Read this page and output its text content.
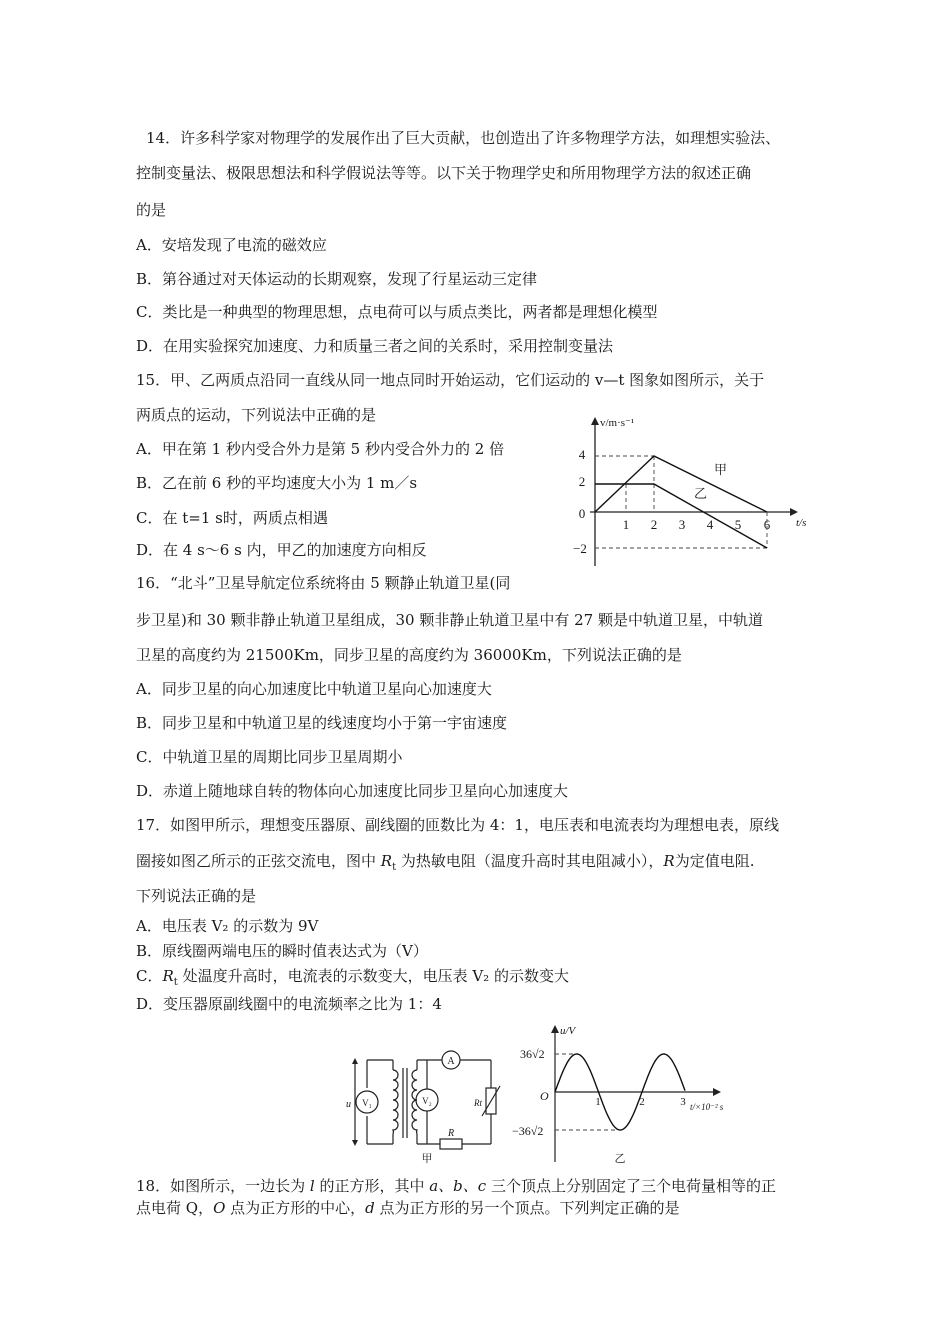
14．许多科学家对物理学的发展作出了巨大贡献，也创造出了许多物理学方法，如理想实验法、
控制变量法、极限思想法和科学假说法等等。以下关于物理学史和所用物理学方法的叙述正确
的是
A．安培发现了电流的磁效应
B．第谷通过对天体运动的长期观察，发现了行星运动三定律
C．类比是一种典型的物理思想，点电荷可以与质点类比，两者都是理想化模型
D．在用实验探究加速度、力和质量三者之间的关系时，采用控制变量法
15．甲、乙两质点沿同一直线从同一地点同时开始运动，它们运动的 v—t 图象如图所示，关于
两质点的运动，下列说法中正确的是
A．甲在第 1 秒内受合外力是第 5 秒内受合外力的 2 倍
B．乙在前 6 秒的平均速度大小为 1 m／s
C．在 t=1 s时，两质点相遇
D．在 4 s～6 s 内，甲乙的加速度方向相反
v/m·s⁻¹
t/s
4
2
0
−2
1 2 3 4 5 6
甲
乙
16．“北斗”卫星导航定位系统将由 5 颗静止轨道卫星(同
步卫星)和 30 颗非静止轨道卫星组成，30 颗非静止轨道卫星中有 27 颗是中轨道卫星，中轨道
卫星的高度约为 21500Km，同步卫星的高度约为 36000Km，下列说法正确的是
A．同步卫星的向心加速度比中轨道卫星向心加速度大
B．同步卫星和中轨道卫星的线速度均小于第一宇宙速度
C．中轨道卫星的周期比同步卫星周期小
D．赤道上随地球自转的物体向心加速度比同步卫星向心加速度大
17．如图甲所示，理想变压器原、副线圈的匝数比为 4：1，电压表和电流表均为理想电表，原线
圈接如图乙所示的正弦交流电，图中 $R_t$ 为热敏电阻（温度升高时其电阻减小），R为定值电阻.
下列说法正确的是
A．电压表 V₂ 的示数为 9V
B．原线圈两端电压的瞬时值表达式为（V）
C．$R_t$ 处温度升高时，电流表的示数变大，电压表 V₂ 的示数变大
D．变压器原副线圈中的电流频率之比为 1：4
u V₁	V₂
A
Rt
R
甲
u/V
36√2
O
−36√2
1	2	3 t/×10⁻² s
乙
18．如图所示，一边长为 l 的正方形，其中 a、b、c 三个顶点上分别固定了三个电荷量相等的正
点电荷 Q，O 点为正方形的中心，d 点为正方形的另一个顶点。下列判定正确的是
